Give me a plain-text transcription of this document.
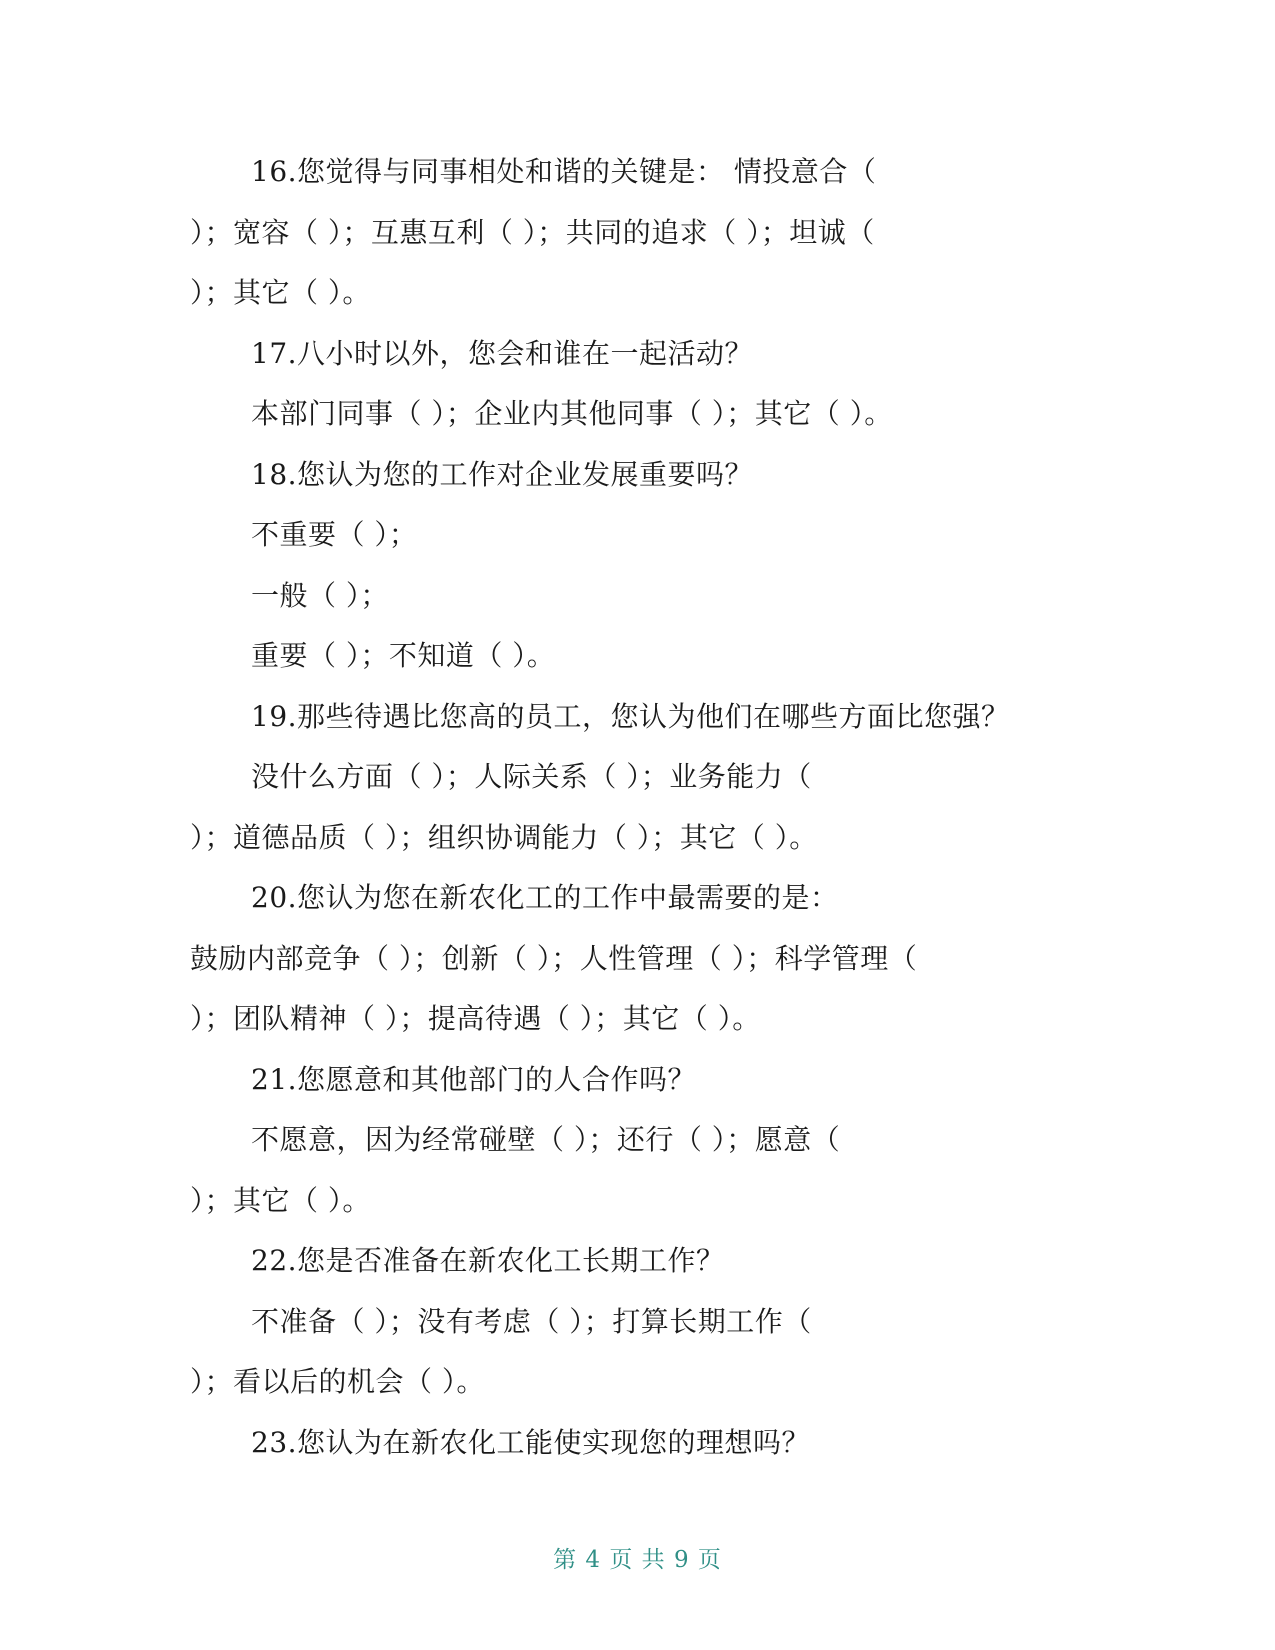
16.您觉得与同事相处和谐的关键是： 情投意合（
）；宽容（ ）；互惠互利（ ）；共同的追求（ ）；坦诚（
）；其它（ ）。
17.八小时以外，您会和谁在一起活动？
本部门同事（ ）；企业内其他同事（ ）；其它（ ）。
18.您认为您的工作对企业发展重要吗？
不重要（ ）；
一般（ ）；
重要（ ）；不知道（ ）。
19.那些待遇比您高的员工，您认为他们在哪些方面比您强？
没什么方面（ ）；人际关系（ ）；业务能力（
）；道德品质（ ）；组织协调能力（ ）；其它（ ）。
20.您认为您在新农化工的工作中最需要的是：
鼓励内部竞争（ ）；创新（ ）；人性管理（ ）；科学管理（
）；团队精神（ ）；提高待遇（ ）；其它（ ）。
21.您愿意和其他部门的人合作吗？
不愿意，因为经常碰壁（ ）；还行（ ）；愿意（
）；其它（ ）。
22.您是否准备在新农化工长期工作？
不准备（ ）；没有考虑（ ）；打算长期工作（
）；看以后的机会（ ）。
23.您认为在新农化工能使实现您的理想吗？
第 4 页 共 9 页
